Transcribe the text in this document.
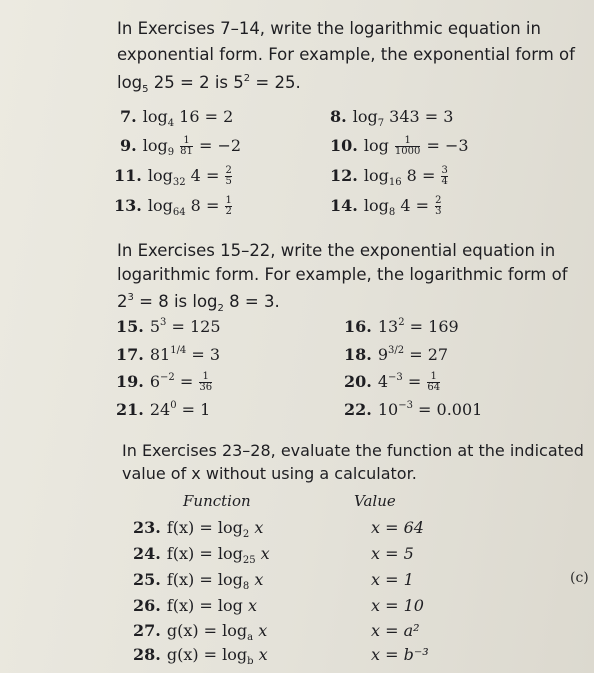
In Exercises 7–14, write the logarithmic equation in
exponential form. For example, the exponential form of
$\log_5 25 = 2$ is $5^2 = 25$.
7. $\log_4 16 = 2$	8. $\log_7 343 = 3$
9. $\log_9 \frac{1}{81} = -2$	10. $\log \frac{1}{1000} = -3$
11. $\log_{32} 4 = \frac{2}{5}$	12. $\log_{16} 8 = \frac{3}{4}$
13. $\log_{64} 8 = \frac{1}{2}$	14. $\log_8 4 = \frac{2}{3}$
In Exercises 15–22, write the exponential equation in
logarithmic form. For example, the logarithmic form of
$2^3 = 8$ is $\log_2 8 = 3$.
15. $5^3 = 125$	16. $13^2 = 169$
17. $81^{1/4} = 3$	18. $9^{3/2} = 27$
19. $6^{-2} = \frac{1}{36}$	20. $4^{-3} = \frac{1}{64}$
21. $24^0 = 1$	22. $10^{-3} = 0.001$
In Exercises 23–28, evaluate the function at the indicated
value of x without using a calculator.
Function	Value
23. $f(x) = \log_2 x$	x = 64
24. $f(x) = \log_{25} x$	x = 5
25. $f(x) = \log_8 x$	x = 1
26. f(x) = log x	x = 10
27. $g(x) = \log_a x$	x = a²
28. $g(x) = \log_b x$	x = b⁻³
(c)
